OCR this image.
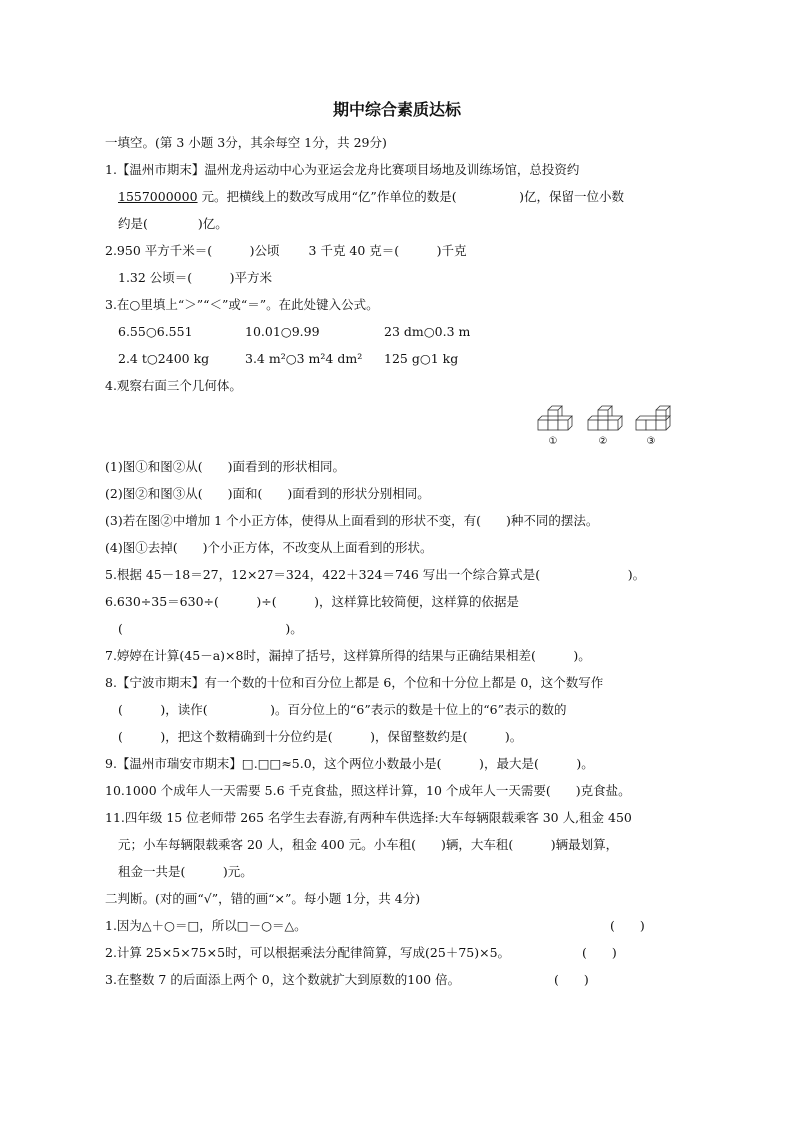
期中综合素质达标
一填空。(第 3 小题 3分，其余每空 1分，共 29分)
1.【温州市期末】温州龙舟运动中心为亚运会龙舟比赛项目场地及训练场馆，总投资约
1557000000 元。把横线上的数改写成用“亿”作单位的数是(　　　　　)亿，保留一位小数
约是(　　　　)亿。
2.950 平方千米＝(　　　)公顷　　 3 千克 40 克＝(　　　)千克
1.32 公顷＝(　　　)平方米
3.在○里填上“＞”“＜”或“＝”。在此处键入公式。
6.55○6.551	10.01○9.99	23 dm○0.3 m
2.4 t○2400 kg	3.4 m²○3 m²4 dm² 125 g○1 kg
4.观察右面三个几何体。
①	②	③
(1)图①和图②从(　　)面看到的形状相同。
(2)图②和图③从(　　)面和(　　)面看到的形状分别相同。
(3)若在图②中增加 1 个小正方体，使得从上面看到的形状不变，有(　　)种不同的摆法。
(4)图①去掉(　　)个小正方体，不改变从上面看到的形状。
5.根据 45－18＝27，12×27＝324，422＋324＝746 写出一个综合算式是(　　　　　　　)。
6.630÷35＝630÷(　　　)÷(　　　)，这样算比较简便，这样算的依据是
(　　　　　　　　　　　　　)。
7.婷婷在计算(45－a)×8时，漏掉了括号，这样算所得的结果与正确结果相差(　　　)。
8.【宁波市期末】有一个数的十位和百分位上都是 6，个位和十分位上都是 0，这个数写作
(　　　)，读作(　　　　　)。百分位上的“6”表示的数是十位上的“6”表示的数的
(　　　)，把这个数精确到十分位约是(　　　)，保留整数约是(　　　)。
9.【温州市瑞安市期末】□.□□≈5.0，这个两位小数最小是(　　　)，最大是(　　　)。
10.1000 个成年人一天需要 5.6 千克食盐，照这样计算，10 个成年人一天需要(　　)克食盐。
11.四年级 15 位老师带 265 名学生去春游,有两种车供选择:大车每辆限载乘客 30 人,租金 450
元；小车每辆限载乘客 20 人，租金 400 元。小车租(　　)辆，大车租(　　　)辆最划算，
租金一共是(　　　)元。
二判断。(对的画“√”，错的画“×”。每小题 1分，共 4分)
1.因为△＋○＝□，所以□－○＝△。	(　　)
2.计算 25×5×75×5时，可以根据乘法分配律简算，写成(25＋75)×5。	(　　)
3.在整数 7 的后面添上两个 0，这个数就扩大到原数的100 倍。	(　　)
